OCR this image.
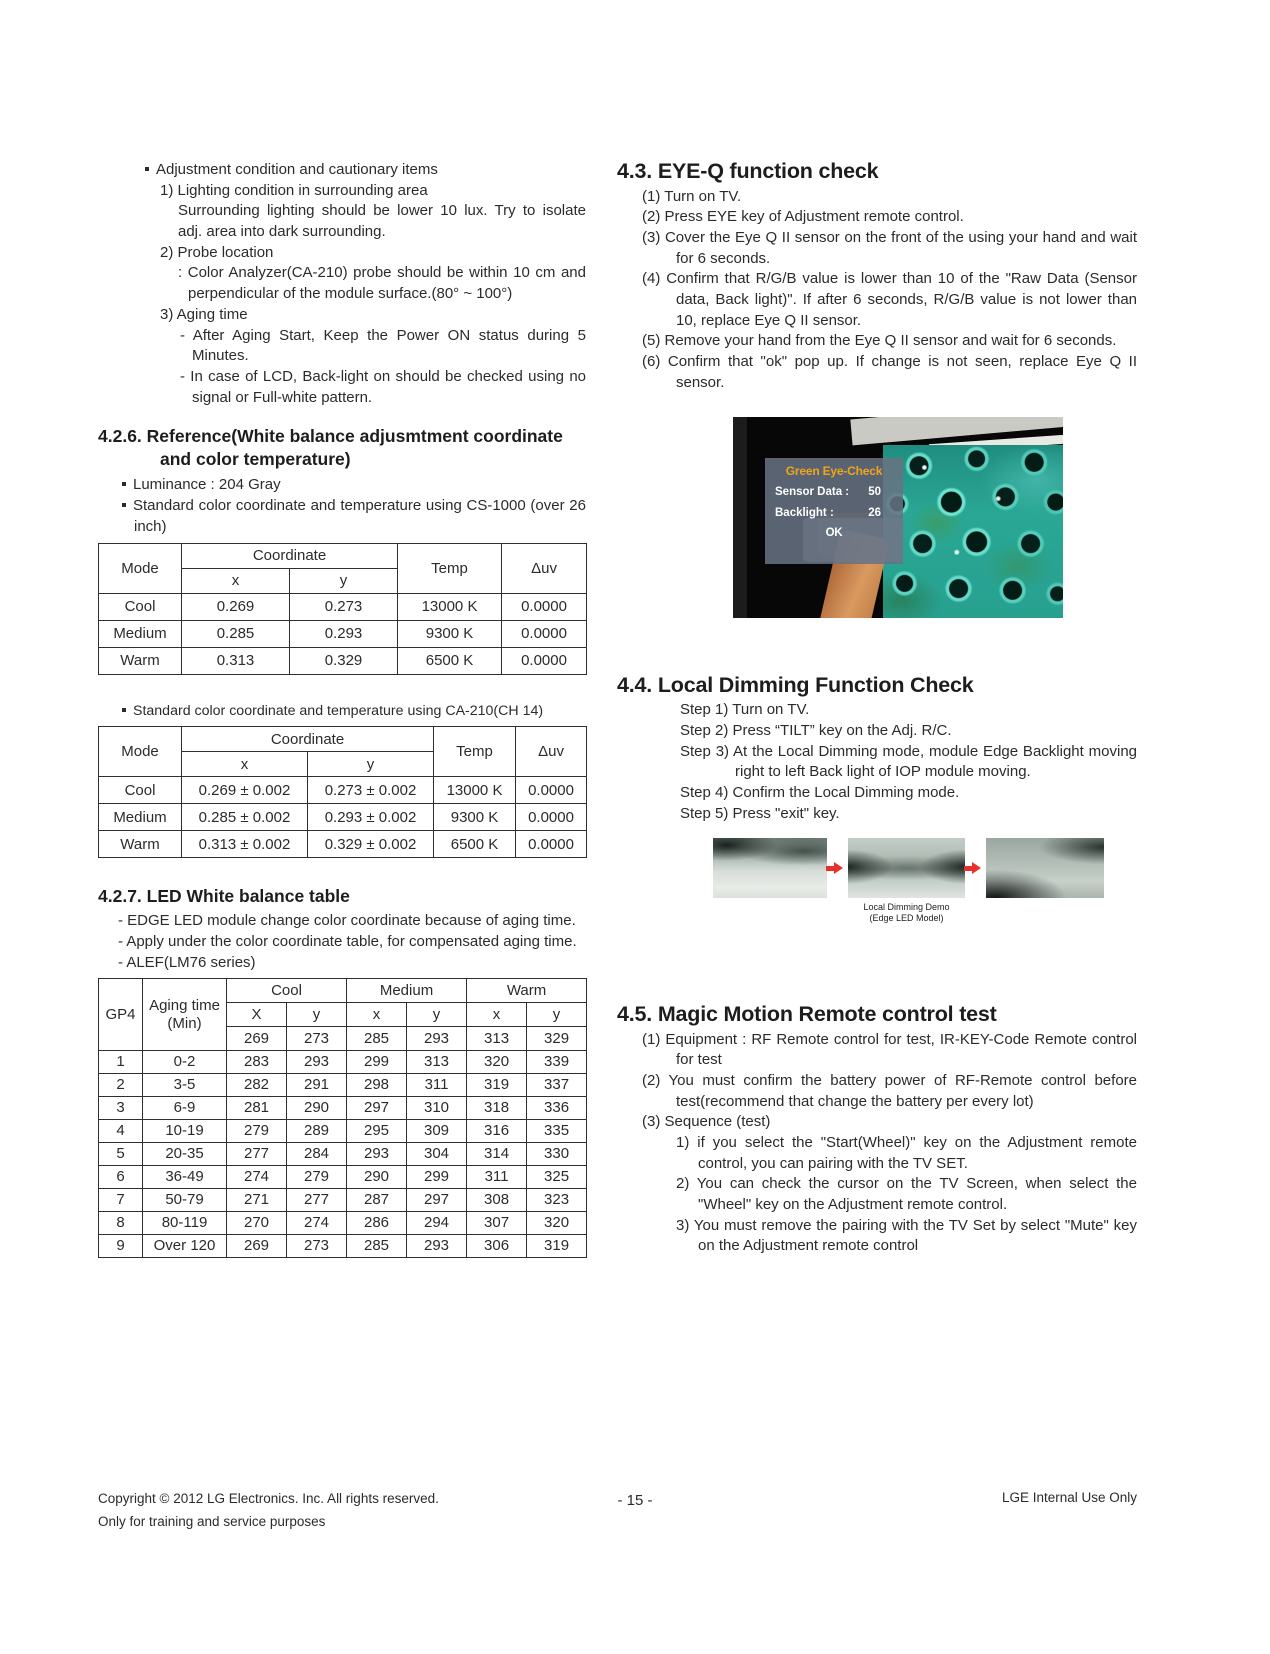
Adjustment condition and cautionary items

1) Lighting condition in surrounding area

Surrounding lighting should be lower 10 lux. Try to isolate adj. area into dark surrounding.

2) Probe location

: Color Analyzer(CA-210) probe should be within 10 cm and perpendicular of the module surface.(80° ~ 100°)

3) Aging time

- After Aging Start, Keep the Power ON status during 5 Minutes.

- In case of LCD, Back-light on should be checked using no signal or Full-white pattern.

4.2.6. Reference(White balance adjusmtment coordinate and color temperature)

Luminance : 204 Gray

Standard color coordinate and temperature using CS-1000 (over 26 inch)

Mode	Coordinate		Temp	Δuv
	x	y		
Cool	0.269	0.273	13000 K	0.0000
Medium	0.285	0.293	9300 K	0.0000
Warm	0.313	0.329	6500 K	0.0000

Standard color coordinate and temperature using CA-210(CH 14)

Mode	Coordinate		Temp	Δuv
	x	y		
Cool	0.269 ± 0.002	0.273 ± 0.002	13000 K	0.0000
Medium	0.285 ± 0.002	0.293 ± 0.002	9300 K	0.0000
Warm	0.313 ± 0.002	0.329 ± 0.002	6500 K	0.0000
4.2.7. LED White balance table

- EDGE LED module change color coordinate because of aging time.

- Apply under the color coordinate table, for compensated aging time.

- ALEF(LM76 series)

GP4	Aging time (Min)	Cool		Medium		Warm	
		X	y	x	y	x	y
		269	273	285	293	313	329
1	0-2	283	293	299	313	320	339
2	3-5	282	291	298	311	319	337
3	6-9	281	290	297	310	318	336
4	10-19	279	289	295	309	316	335
5	20-35	277	284	293	304	314	330
6	36-49	274	279	290	299	311	325
7	50-79	271	277	287	297	308	323
8	80-119	270	274	286	294	307	320
9	Over 120	269	273	285	293	306	319
4.3. EYE-Q function check

(1) Turn on TV.

(2) Press EYE key of Adjustment remote control.

(3) Cover the Eye Q II sensor on the front of the using your hand and wait for 6 seconds.

(4) Confirm that R/G/B value is lower than 10 of the "Raw Data (Sensor data, Back light)". If after 6 seconds, R/G/B value is not lower than 10, replace Eye Q II sensor.

(5) Remove your hand from the Eye Q II sensor and wait for 6 seconds.

(6) Confirm that "ok" pop up. If change is not seen, replace Eye Q II sensor.

Green Eye-Check

Sensor Data : 50
Backlight :	26

OK

4.4. Local Dimming Function Check

Step 1) Turn on TV.

Step 2) Press “TILT” key on the Adj. R/C.

Step 3) At the Local Dimming mode, module Edge Backlight moving right to left Back light of IOP module moving.

Step 4) Confirm the Local Dimming mode.

Step 5) Press "exit" key.

Local Dimming Demo
(Edge LED Model)
4.5. Magic Motion Remote control test

(1) Equipment : RF Remote control for test, IR-KEY-Code Remote control for test

(2) You must confirm the battery power of RF-Remote control before test(recommend that change the battery per every lot)

(3) Sequence (test)

1) if you select the "Start(Wheel)" key on the Adjustment remote control, you can pairing with the TV SET.

2) You can check the cursor on the TV Screen, when select the "Wheel" key on the Adjustment remote control.

3) You must remove the pairing with the TV Set by select "Mute" key on the Adjustment remote control

Copyright © 2012 LG Electronics. Inc. All rights reserved.
Only for training and service purposes
- 15 -	LGE Internal Use Only
